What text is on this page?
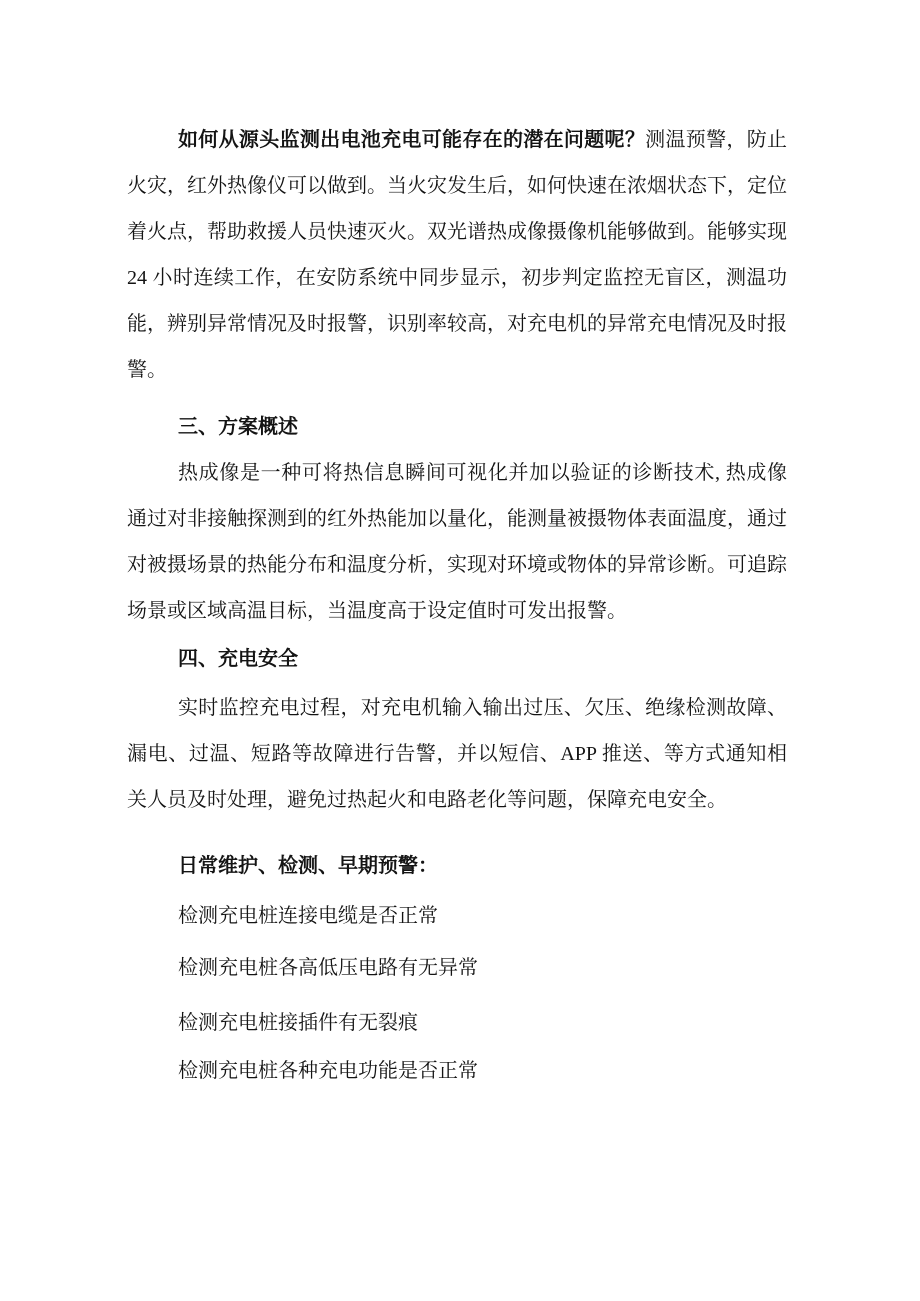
如何从源头监测出电池充电可能存在的潜在问题呢？测温预警，防止火灾，红外热像仪可以做到。当火灾发生后，如何快速在浓烟状态下，定位着火点，帮助救援人员快速灭火。双光谱热成像摄像机能够做到。能够实现 24 小时连续工作，在安防系统中同步显示，初步判定监控无盲区，测温功能，辨别异常情况及时报警，识别率较高，对充电机的异常充电情况及时报警。

三、方案概述

热成像是一种可将热信息瞬间可视化并加以验证的诊断技术, 热成像通过对非接触探测到的红外热能加以量化，能测量被摄物体表面温度，通过对被摄场景的热能分布和温度分析，实现对环境或物体的异常诊断。可追踪场景或区域高温目标，当温度高于设定值时可发出报警。

四、充电安全

实时监控充电过程，对充电机输入输出过压、欠压、绝缘检测故障、漏电、过温、短路等故障进行告警，并以短信、APP 推送、等方式通知相关人员及时处理，避免过热起火和电路老化等问题，保障充电安全。

日常维护、检测、早期预警：

检测充电桩连接电缆是否正常

检测充电桩各高低压电路有无异常

检测充电桩接插件有无裂痕

检测充电桩各种充电功能是否正常
